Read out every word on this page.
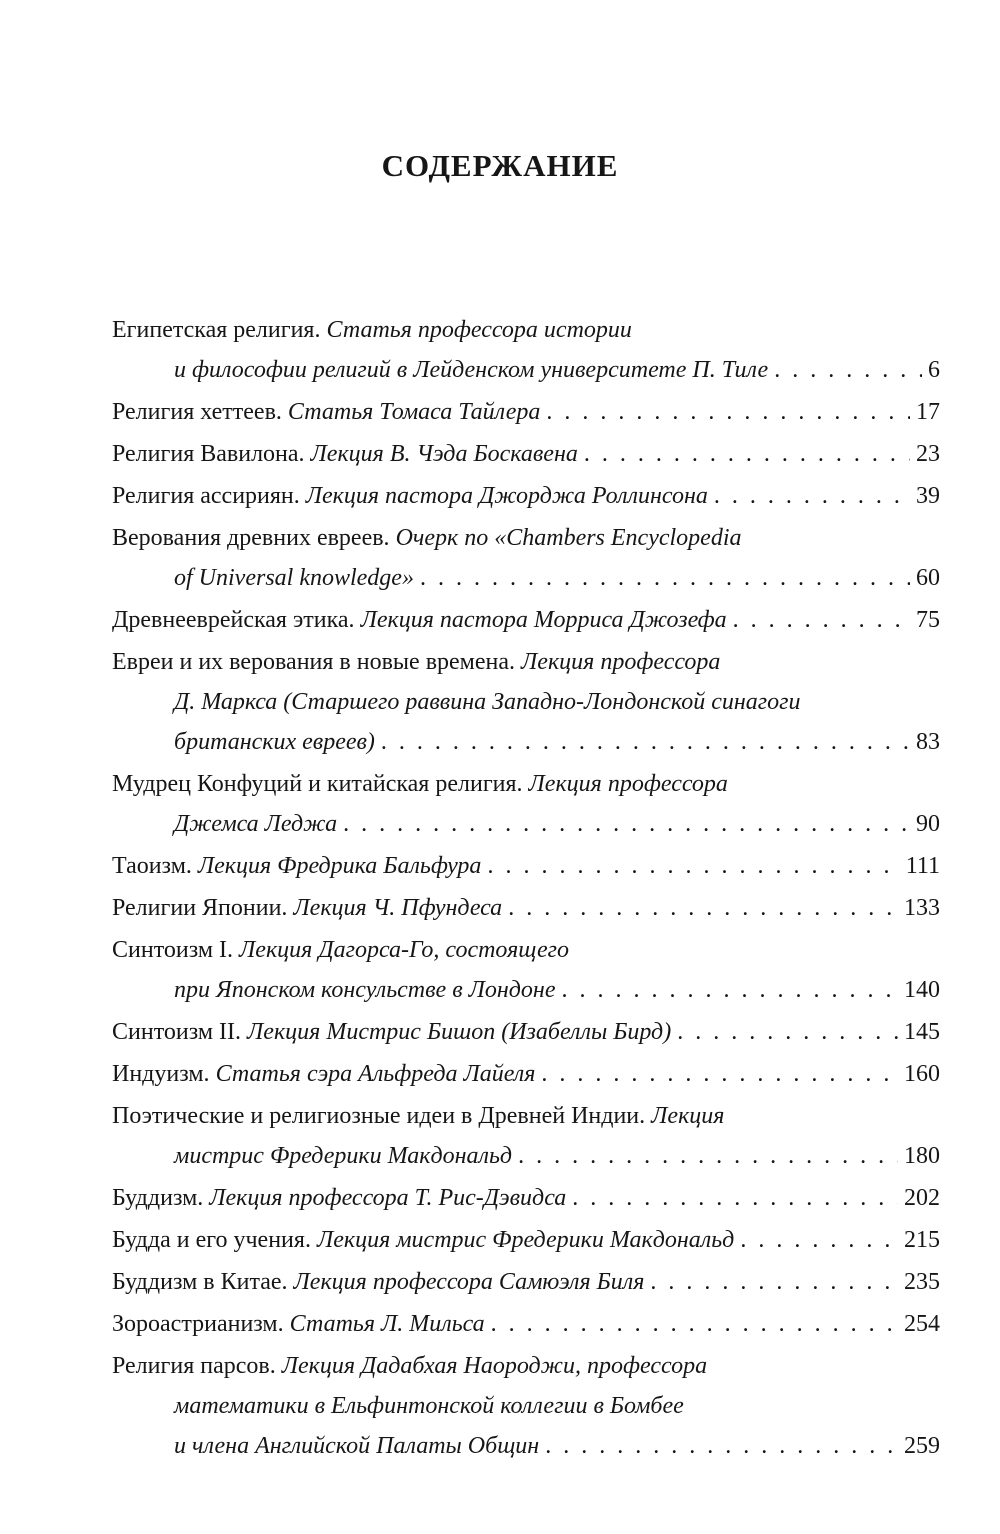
СОДЕРЖАНИЕ
Египетская религия.
Статья профессора истории
и философии религий в Лейденском университете П. Тиле . . .	6
Религия хеттеев.
Статья Томаса Тайлера . . .	17
Религия Вавилона.
Лекция В. Чэда Боскавена . . .	23
Религия ассириян.
Лекция пастора Джорджа Роллинсона . . .	39
Верования древних евреев.
Очерк по «Chambers Encyclopedia
of Universal knowledge» . . .	60
Древнееврейская этика.
Лекция пастора Морриса Джозефа . . .	75
Евреи и их верования в новые времена.
Лекция профессора
Д. Маркса (Старшего раввина Западно-Лондонской синагоги
британских евреев) . . .	83
Мудрец Конфуций и китайская религия.
Лекция профессора
Джемса Леджа . . .	90
Таоизм.
Лекция Фредрика Бальфура . . .	111
Религии Японии.
Лекция Ч. Пфундеса . . .	133
Синтоизм I.
Лекция Дагорса-Го, состоящего
при Японском консульстве в Лондоне . . .	140
Синтоизм II.
Лекция Мистрис Бишоп (Изабеллы Бирд) . . .	145
Индуизм.
Статья сэра Альфреда Лайеля . . .	160
Поэтические и религиозные идеи в Древней Индии.
Лекция
мистрис Фредерики Макдональд . . .	180
Буддизм.
Лекция профессора Т. Рис-Дэвидса . . .	202
Будда и его учения.
Лекция мистрис Фредерики Макдональд . . .	215
Буддизм в Китае.
Лекция профессора Самюэля Биля . . .	235
Зороастрианизм.
Статья Л. Мильса . . .	254
Религия парсов.
Лекция Дадабхая Наороджи, профессора
математики в Ельфинтонской коллегии в Бомбее
и члена Английской Палаты Общин . . .	259
